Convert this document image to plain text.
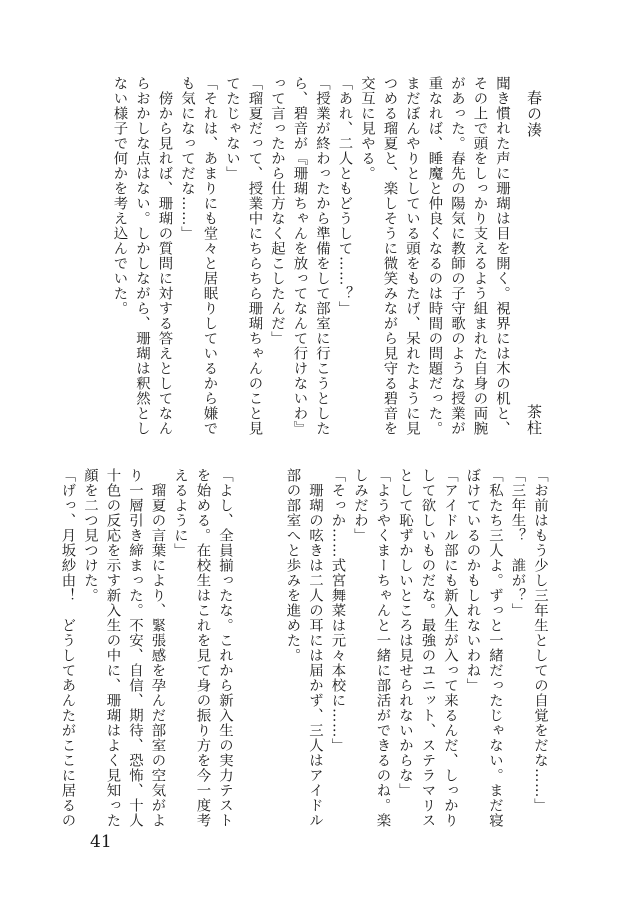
春の湊
茶柱

聞き慣れた声に珊瑚は目を開く。視界には木の机と、
その上で頭をしっかり支えるよう組まれた自身の両腕
があった。春先の陽気に教師の子守歌のような授業が
重なれば、睡魔と仲良くなるのは時間の問題だった。
まだぼんやりとしている頭をもたげ、呆れたように見
つめる瑠夏と、楽しそうに微笑みながら見守る碧音を
交互に見やる。
「あれ、二人ともどうして……？」
「授業が終わったから準備をして部室に行こうとした
ら、碧音が『珊瑚ちゃんを放ってなんて行けないわ』
って言ったから仕方なく起こしたんだ」
「瑠夏だって、授業中にちらちら珊瑚ちゃんのこと見
てたじゃない」
「それは、あまりにも堂々と居眠りしているから嫌で
も気になってだな……」
　傍から見れば、珊瑚の質問に対する答えとしてなん
らおかしな点はない。しかしながら、珊瑚は釈然とし
ない様子で何かを考え込んでいた。
「お前はもう少し三年生としての自覚をだな……」
「三年生？　誰が？」
「私たち三人よ。ずっと一緒だったじゃない。まだ寝
ぼけているのかもしれないわね」
「アイドル部にも新入生が入って来るんだ、しっかり
して欲しいものだな。最強のユニット、ステラマリス
として恥ずかしいところは見せられないからな」
「ようやくまーちゃんと一緒に部活ができるのね。楽
しみだわ」
「そっか……式宮舞菜は元々本校に……」
　珊瑚の呟きは二人の耳には届かず、三人はアイドル
部の部室へと歩みを進めた。

「よし、全員揃ったな。これから新入生の実力テスト
を始める。在校生はこれを見て身の振り方を今一度考
えるように」
　瑠夏の言葉により、緊張感を孕んだ部室の空気がよ
り一層引き締まった。不安、自信、期待、恐怖、十人
十色の反応を示す新入生の中に、珊瑚はよく見知った
顔を二つ見つけた。
「げっ、月坂紗由！　どうしてあんたがここに居るの
41
